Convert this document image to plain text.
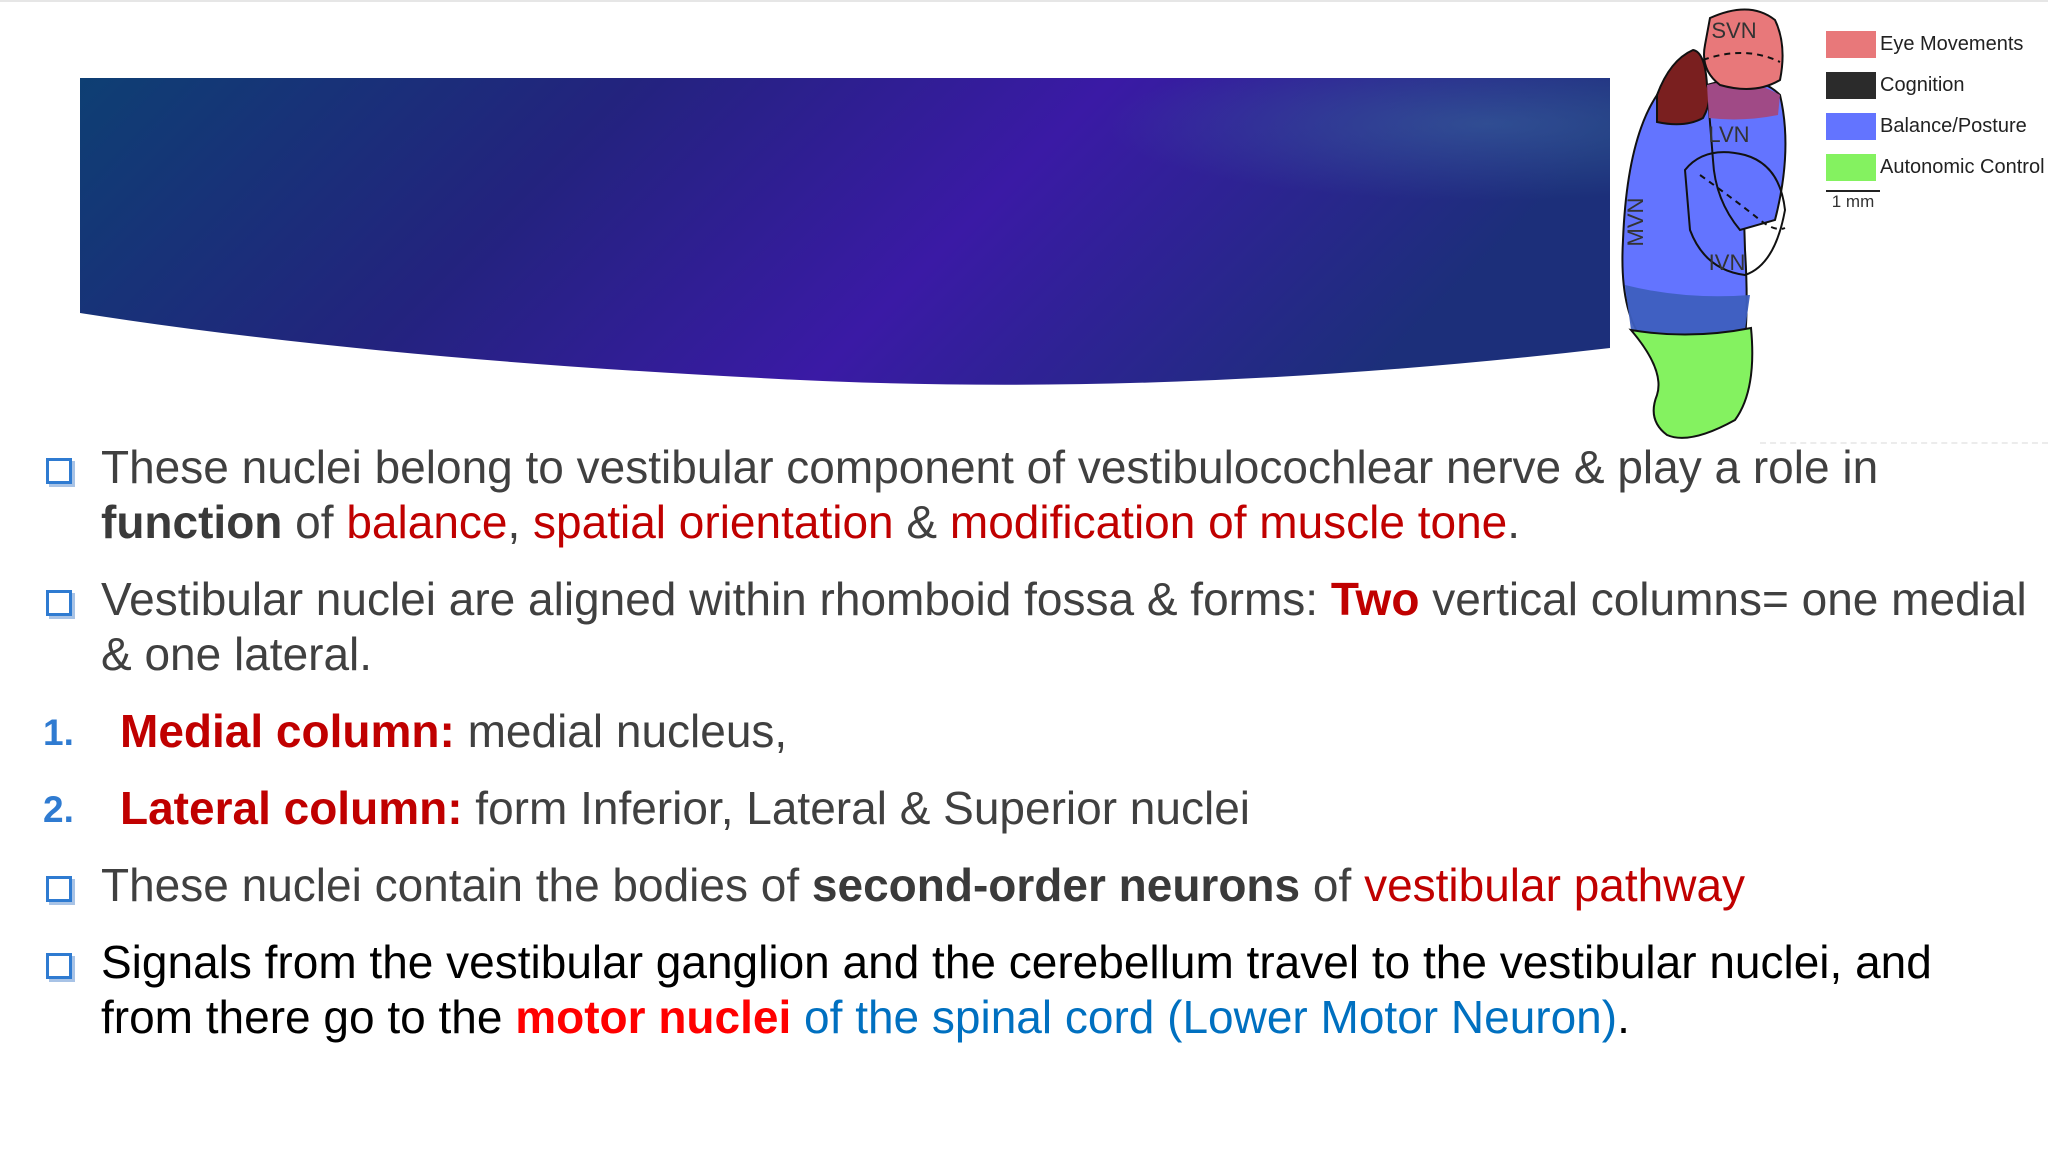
SVN
LVN
IVN
MVN
Eye Movements
Cognition
Balance/Posture
Autonomic Control
1 mm
These nuclei belong to vestibular component of vestibulocochlear nerve & play a role in function of balance, spatial orientation & modification of muscle tone.
Vestibular nuclei are aligned within rhomboid fossa & forms: Two vertical columns= one medial & one lateral.
1. Medial column: medial nucleus,
2. Lateral column: form Inferior, Lateral & Superior nuclei
These nuclei contain the bodies of second-order neurons of vestibular pathway
Signals from the vestibular ganglion and the cerebellum travel to the vestibular nuclei, and from there go to the motor nuclei of the spinal cord (Lower Motor Neuron).
